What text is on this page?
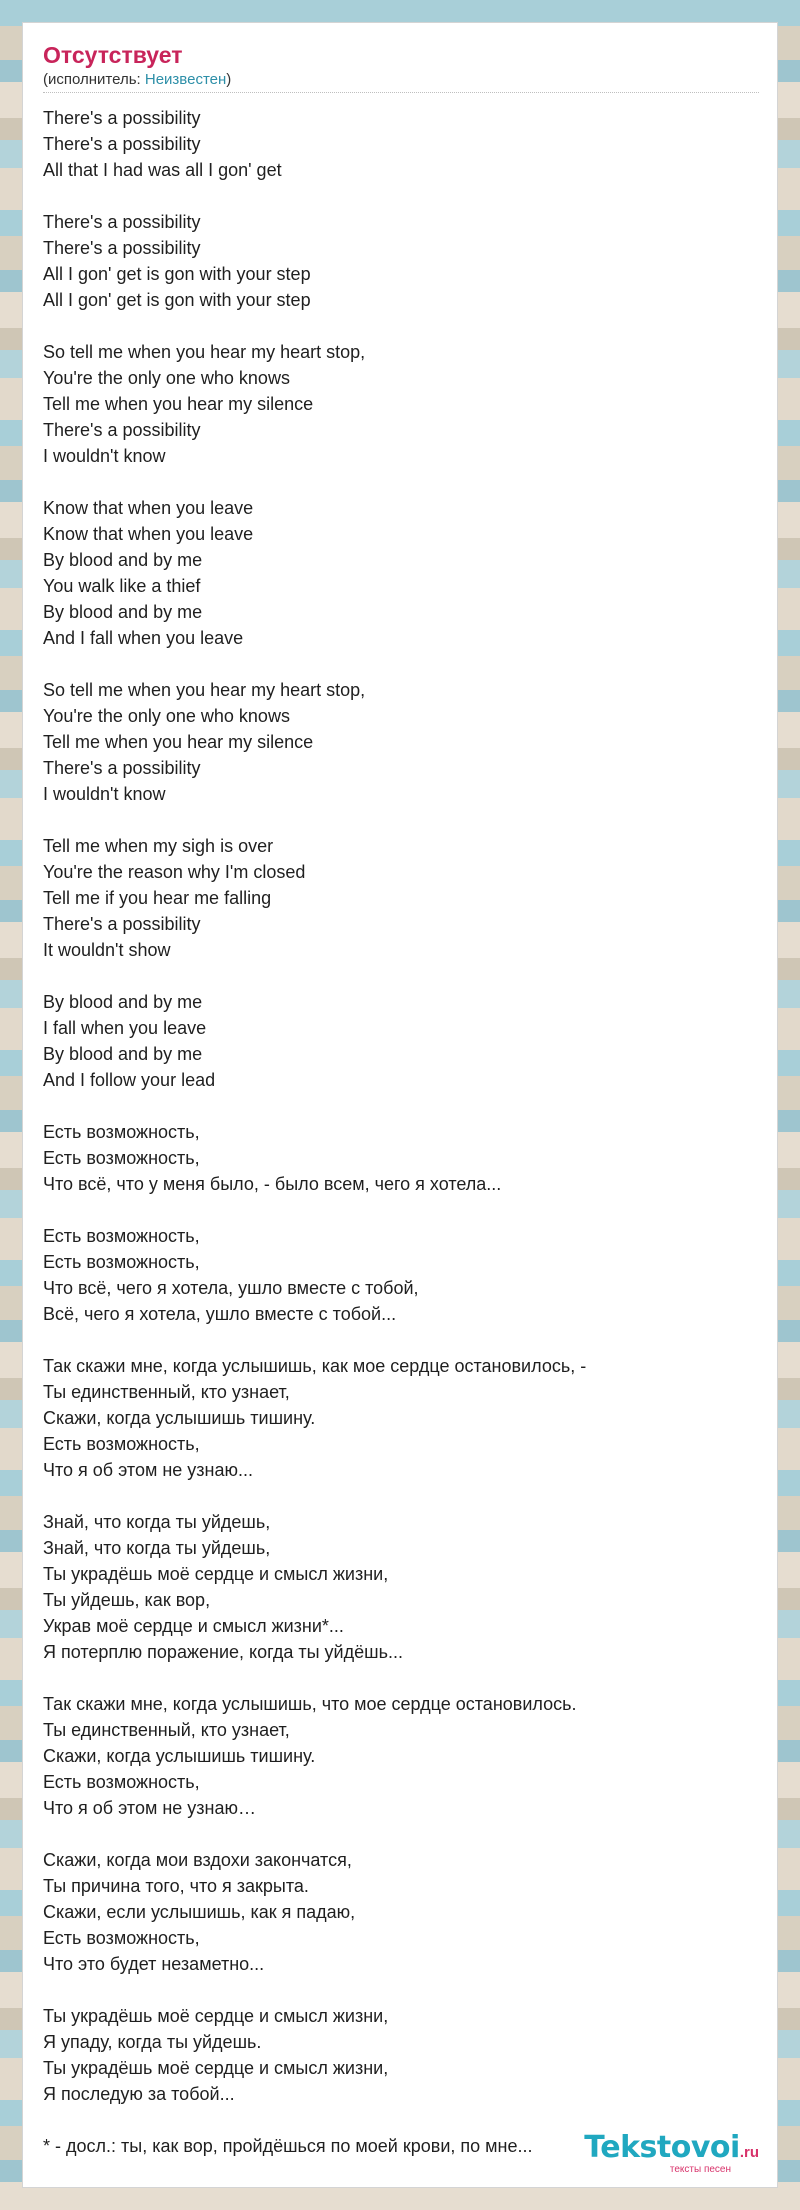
Отсутствует
(исполнитель: Неизвестен)
There's a possibility
There's a possibility
All that I had was all I gon' get
There's a possibility
There's a possibility
All I gon' get is gon with your step
All I gon' get is gon with your step
So tell me when you hear my heart stop,
You're the only one who knows
Tell me when you hear my silence
There's a possibility
I wouldn't know
Know that when you leave
Know that when you leave
By blood and by me
You walk like a thief
By blood and by me
And I fall when you leave
So tell me when you hear my heart stop,
You're the only one who knows
Tell me when you hear my silence
There's a possibility
I wouldn't know
Tell me when my sigh is over
You're the reason why I'm closed
Tell me if you hear me falling
There's a possibility
It wouldn't show
By blood and by me
I fall when you leave
By blood and by me
And I follow your lead
Есть возможность,
Есть возможность,
Что всё, что у меня было, - было всем, чего я хотела...
Есть возможность,
Есть возможность,
Что всё, чего я хотела, ушло вместе с тобой,
Всё, чего я хотела, ушло вместе с тобой...
Так скажи мне, когда услышишь, как мое сердце остановилось, -
Ты единственный, кто узнает,
Скажи, когда услышишь тишину.
Есть возможность,
Что я об этом не узнаю...
Знай, что когда ты уйдешь,
Знай, что когда ты уйдешь,
Ты украдёшь моё сердце и смысл жизни,
Ты уйдешь, как вор,
Украв моё сердце и смысл жизни*...
Я потерплю поражение, когда ты уйдёшь...
Так скажи мне, когда услышишь, что мое сердце остановилось.
Ты единственный, кто узнает,
Скажи, когда услышишь тишину.
Есть возможность,
Что я об этом не узнаю…
Скажи, когда мои вздохи закончатся,
Ты причина того, что я закрыта.
Скажи, если услышишь, как я падаю,
Есть возможность,
Что это будет незаметно...
Ты украдёшь моё сердце и смысл жизни,
Я упаду, когда ты уйдешь.
Ты украдёшь моё сердце и смысл жизни,
Я последую за тобой...
* - досл.: ты, как вор, пройдёшься по моей крови, по мне...	Tekstovoi.ru
тексты песен
